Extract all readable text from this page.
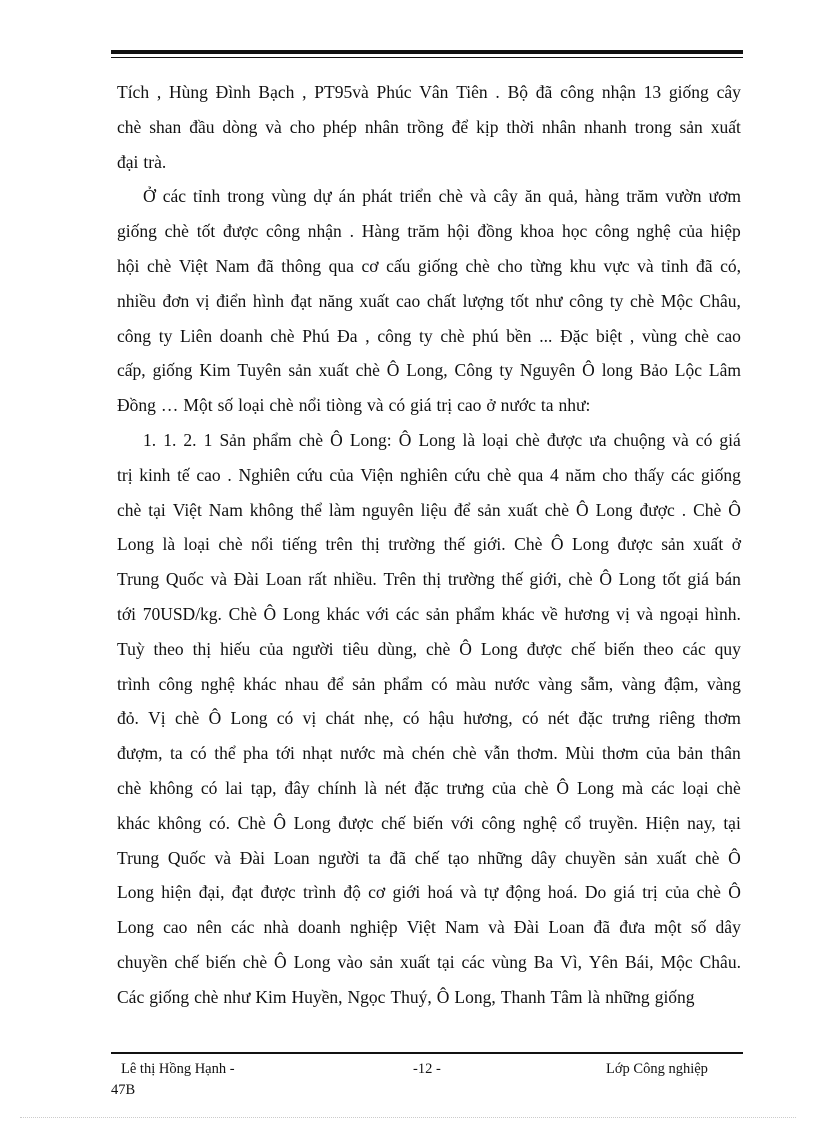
Tích , Hùng Đình Bạch , PT95và Phúc Vân Tiên . Bộ đã công nhận 13 giống cây
chè shan đầu dòng và cho phép nhân trồng để kịp thời nhân nhanh trong sản xuất
đại trà.
Ở các tỉnh trong vùng dự án phát triển chè và cây ăn quả, hàng trăm vườn ươm
giống chè tốt được công nhận . Hàng trăm hội đồng khoa học công nghệ của hiệp
hội chè Việt Nam đã thông qua cơ cấu giống chè cho từng khu vực và tỉnh đã có,
nhiều đơn vị điển hình đạt năng xuất cao chất lượng tốt như công ty chè Mộc Châu,
công ty Liên doanh chè Phú Đa , công ty chè phú bền ... Đặc biệt , vùng chè cao
cấp, giống Kim Tuyên sản xuất chè Ô Long, Công ty Nguyên Ô long Bảo Lộc Lâm
Đồng … Một số loại chè nổi tiòng và có giá trị cao ở nước ta như:
1. 1. 2. 1 Sản phẩm chè Ô Long: Ô Long là loại chè được ưa chuộng và có giá
trị kinh tế cao . Nghiên cứu của Viện nghiên cứu chè qua 4 năm cho thấy các giống
chè tại Việt Nam không thể làm nguyên liệu để sản xuất chè Ô Long được . Chè Ô
Long là loại chè nổi tiếng trên thị trường thế giới. Chè Ô Long được sản xuất ở
Trung Quốc và Đài Loan rất nhiều. Trên thị trường thế giới, chè Ô Long tốt giá bán
tới 70USD/kg. Chè Ô Long khác với các sản phẩm khác về hương vị và ngoại hình.
Tuỳ theo thị hiếu của người tiêu dùng, chè Ô Long được chế biến theo các quy
trình công nghệ khác nhau để sản phẩm có màu nước vàng sẫm, vàng đậm, vàng
đỏ. Vị chè Ô Long có vị chát nhẹ, có hậu hương, có nét đặc trưng riêng thơm
đượm, ta có thể pha tới nhạt nước mà chén chè vẫn thơm. Mùi thơm của bản thân
chè không có lai tạp, đây chính là nét đặc trưng của chè Ô Long mà các loại chè
khác không có. Chè Ô Long được chế biến với công nghệ cổ truyền. Hiện nay, tại
Trung Quốc và Đài Loan người ta đã chế tạo những dây chuyền sản xuất chè Ô
Long hiện đại, đạt được trình độ cơ giới hoá và tự động hoá. Do giá trị của chè Ô
Long cao nên các nhà doanh nghiệp Việt Nam và Đài Loan đã đưa một số dây
chuyền chế biến chè Ô Long vào sản xuất tại các vùng Ba Vì, Yên Bái, Mộc Châu.
Các giống chè như Kim Huyền, Ngọc Thuý, Ô Long, Thanh Tâm là những giống
Lê thị Hồng Hạnh -
47B
-12 -	Lớp Công nghiệp
